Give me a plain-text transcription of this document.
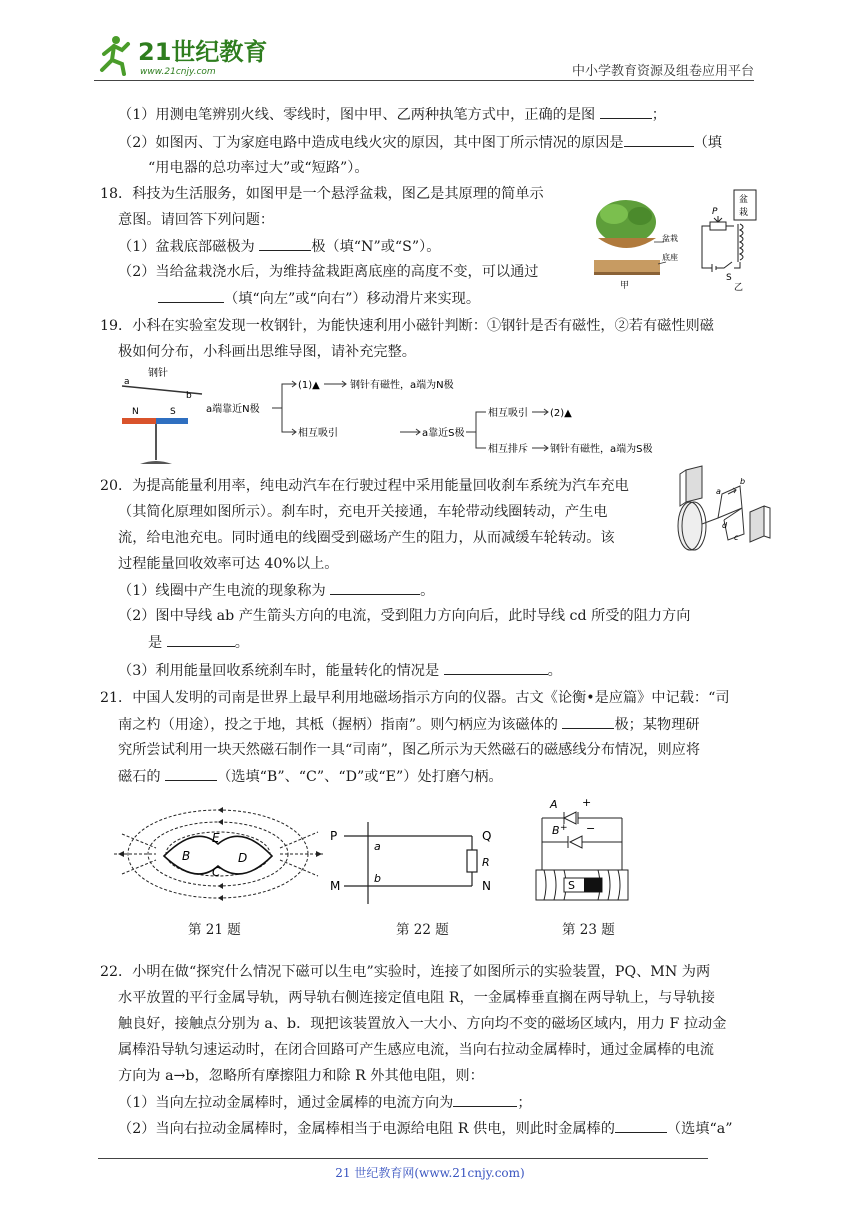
21世纪教育
www.21cnjy.com	中小学教育资源及组卷应用平台
（1）用测电笔辨别火线、零线时，图中甲、乙两种执笔方式中，正确的是图	；
（2）如图丙、丁为家庭电路中造成电线火灾的原因，其中图丁所示情况的原因是	（填
“用电器的总功率过大”或“短路”）。
18．科技为生活服务，如图甲是一个悬浮盆栽，图乙是其原理的简单示
意图。请回答下列问题：
（1）盆栽底部磁极为	极（填“N”或“S”）。
（2）当给盆栽浇水后，为维持盆栽距离底座的高度不变，可以通过
（填“向左”或“向右”）移动滑片来实现。
盆栽
底座
甲
盆
栽
P
S
乙
19．小科在实验室发现一枚钢针，为能快速利用小磁针判断：①钢针是否有磁性，②若有磁性则磁
极如何分布，小科画出思维导图，请补充完整。
钢针
a
b
N	S	a端靠近N极
(1)▲	钢针有磁性，a端为N极
相互吸引	a靠近S极
相互吸引 (2)▲
相互排斥 钢针有磁性，a端为S极
20．为提高能量利用率，纯电动汽车在行驶过程中采用能量回收刹车系统为汽车充电
（其简化原理如图所示）。刹车时，充电开关接通，车轮带动线圈转动，产生电
流，给电池充电。同时通电的线圈受到磁场产生的阻力，从而减缓车轮转动。该
过程能量回收效率可达 40%以上。
（1）线圈中产生电流的现象称为	。
（2）图中导线 ab 产生箭头方向的电流，受到阻力方向向后，此时导线 cd 所受的阻力方向
是	。
（3）利用能量回收系统刹车时，能量转化的情况是	。
a
b
d
c
21．中国人发明的司南是世界上最早利用地磁场指示方向的仪器。古文《论衡•是应篇》中记载：“司
南之杓（用途），投之于地，其柢（握柄）指南”。则勺柄应为该磁体的	极；某物理研
究所尝试利用一块天然磁石制作一具“司南”，图乙所示为天然磁石的磁感线分布情况，则应将
磁石的	（选填“B”、“C”、“D”或“E”）处打磨勺柄。
B
E
C
D
第 21 题
P	Q
a
R
b
M	N
第 22 题
A +
B + −
S
第 23 题
22．小明在做“探究什么情况下磁可以生电”实验时，连接了如图所示的实验装置，PQ、MN 为两
水平放置的平行金属导轨，两导轨右侧连接定值电阻 R，一金属棒垂直搁在两导轨上，与导轨接
触良好，接触点分别为 a、b．现把该装置放入一大小、方向均不变的磁场区域内，用力 F 拉动金
属棒沿导轨匀速运动时，在闭合回路可产生感应电流，当向右拉动金属棒时，通过金属棒的电流
方向为 a→b，忽略所有摩擦阻力和除 R 外其他电阻，则：
（1）当向左拉动金属棒时，通过金属棒的电流方向为	；
（2）当向右拉动金属棒时，金属棒相当于电源给电阻 R 供电，则此时金属棒的	（选填“a”
21 世纪教育网(www.21cnjy.com)
